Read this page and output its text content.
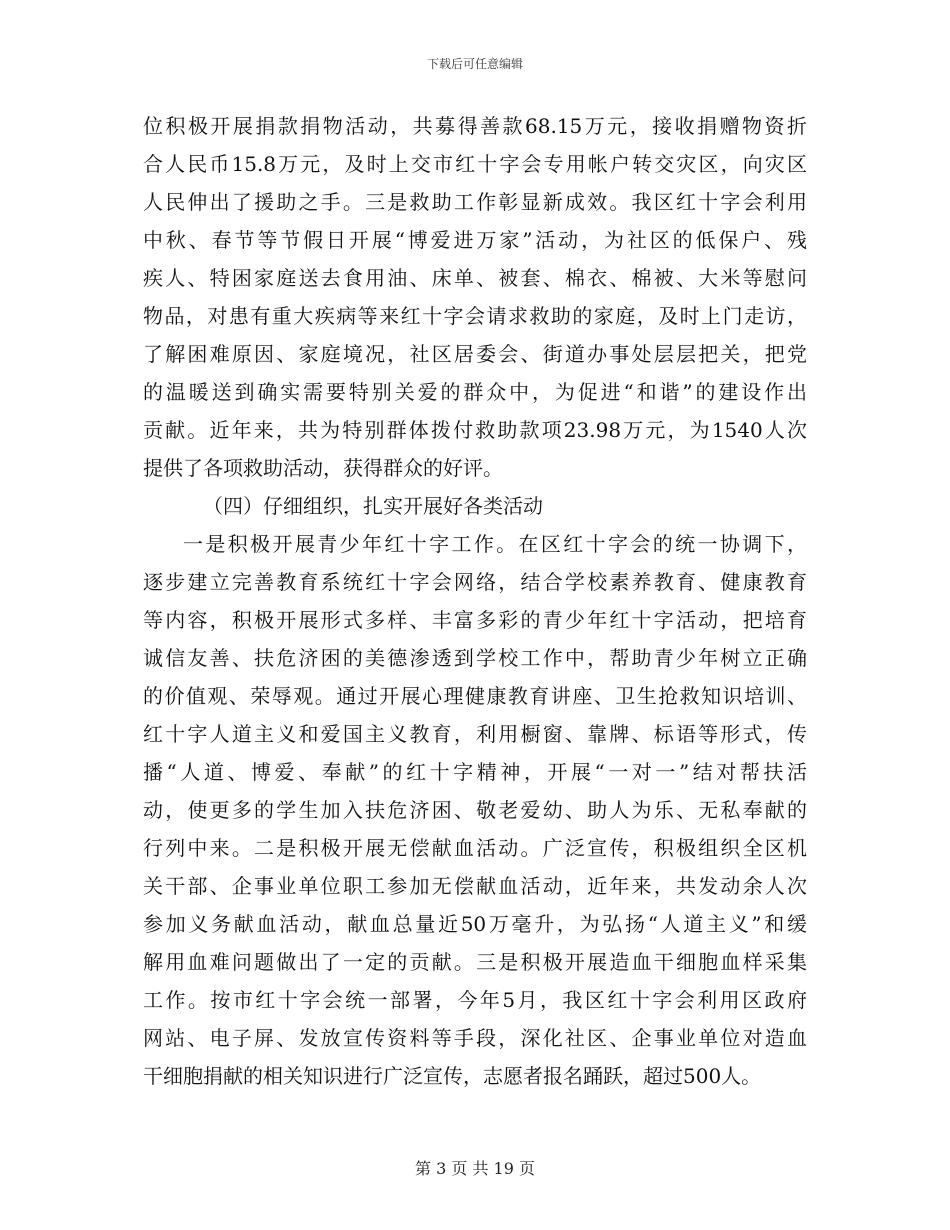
下载后可任意编辑
位积极开展捐款捐物活动，共募得善款68.15万元，接收捐赠物资折
合人民币15.8万元，及时上交市红十字会专用帐户转交灾区，向灾区
人民伸出了援助之手。三是救助工作彰显新成效。我区红十字会利用
中秋、春节等节假日开展“博爱进万家”活动，为社区的低保户、残
疾人、特困家庭送去食用油、床单、被套、棉衣、棉被、大米等慰问
物品，对患有重大疾病等来红十字会请求救助的家庭，及时上门走访，
了解困难原因、家庭境况，社区居委会、街道办事处层层把关，把党
的温暖送到确实需要特别关爱的群众中，为促进“和谐”的建设作出
贡献。近年来，共为特别群体拨付救助款项23.98万元，为1540人次
提供了各项救助活动，获得群众的好评。
（四）仔细组织，扎实开展好各类活动
一是积极开展青少年红十字工作。在区红十字会的统一协调下，
逐步建立完善教育系统红十字会网络，结合学校素养教育、健康教育
等内容，积极开展形式多样、丰富多彩的青少年红十字活动，把培育
诚信友善、扶危济困的美德渗透到学校工作中，帮助青少年树立正确
的价值观、荣辱观。通过开展心理健康教育讲座、卫生抢救知识培训、
红十字人道主义和爱国主义教育，利用橱窗、靠牌、标语等形式，传
播“人道、博爱、奉献”的红十字精神，开展“一对一”结对帮扶活
动，使更多的学生加入扶危济困、敬老爱幼、助人为乐、无私奉献的
行列中来。二是积极开展无偿献血活动。广泛宣传，积极组织全区机
关干部、企事业单位职工参加无偿献血活动，近年来，共发动余人次
参加义务献血活动，献血总量近50万毫升，为弘扬“人道主义”和缓
解用血难问题做出了一定的贡献。三是积极开展造血干细胞血样采集
工作。按市红十字会统一部署，今年5月，我区红十字会利用区政府
网站、电子屏、发放宣传资料等手段，深化社区、企事业单位对造血
干细胞捐献的相关知识进行广泛宣传，志愿者报名踊跃，超过500人。
第 3 页 共 19 页
